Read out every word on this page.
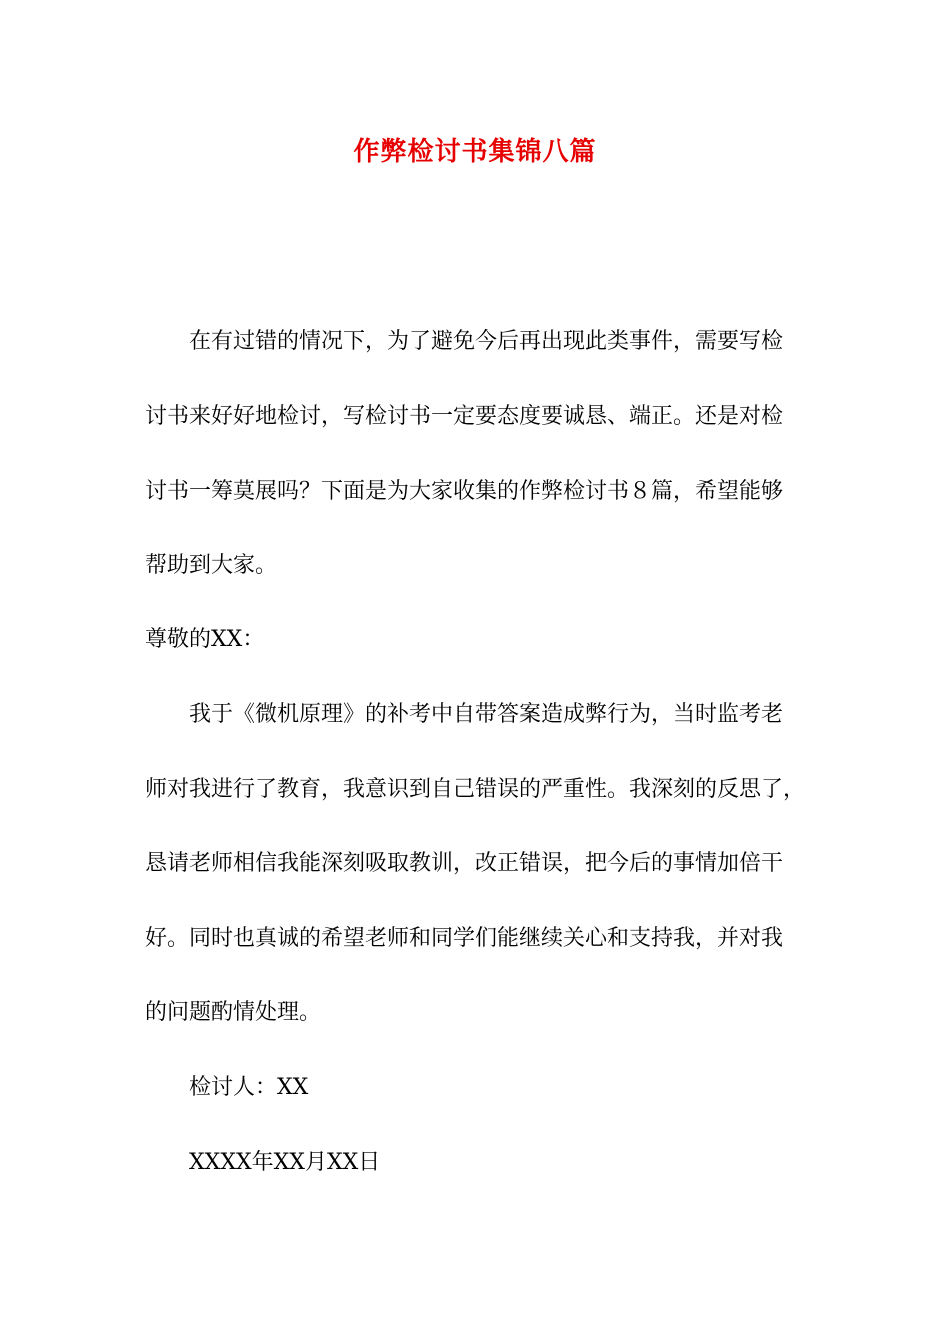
作弊检讨书集锦八篇
在有过错的情况下，为了避免今后再出现此类事件，需要写检
讨书来好好地检讨，写检讨书一定要态度要诚恳、端正。还是对检
讨书一筹莫展吗？下面是为大家收集的作弊检讨书８篇，希望能够
帮助到大家。
尊敬的XX：
我于《微机原理》的补考中自带答案造成弊行为，当时监考老
师对我进行了教育，我意识到自己错误的严重性。我深刻的反思了，
恳请老师相信我能深刻吸取教训，改正错误，把今后的事情加倍干
好。同时也真诚的希望老师和同学们能继续关心和支持我，并对我
的问题酌情处理。
检讨人：XX
XXXX年XX月XX日
